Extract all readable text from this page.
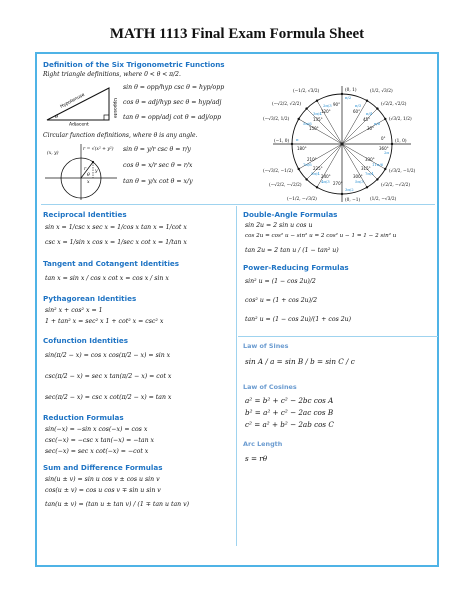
MATH 1113 Final Exam Formula Sheet
Definition of the Six Trigonometric Functions
Right triangle definitions, where 0 < θ < π/2.
θ
Hypotenuse	Opposite
Adjacent
sin θ = opp/hyp csc θ = hyp/opp
cos θ = adj/hyp sec θ = hyp/adj
tan θ = opp/adj cot θ = adj/opp
Circular function definitions, where θ is any angle.
(x, y)
r = √(x² + y²)
r
x
y
θ
sin θ = y/r csc θ = r/y
cos θ = x/r sec θ = r/x
tan θ = y/x cot θ = x/y
(0, 1)
(−1, 0)	(1, 0)
(0, −1)
(−1/2, √3/2)	(1/2, √3/2)
(−√2/2, √2/2)	(√2/2, √2/2)
(−√3/2, 1/2)	(√3/2, 1/2)
(−√3/2, −1/2)	(√3/2, −1/2)
(−√2/2, −√2/2)	(√2/2, −√2/2)
(−1/2, −√3/2)	(1/2, −√3/2)
90°
120°	60°
135°	45°
150°	30°
180°
0°
360°
210°	330°
225°	315°
240°	300°
270°
π/2
2π/3	π/3
3π/4	π/4
5π/6	π/6
π
2π
7π/6	11π/6
5π/4	7π/4
4π/3	5π/3
3π/2
Reciprocal Identities
sin x = 1/csc x sec x = 1/cos x tan x = 1/cot x
csc x = 1/sin x cos x = 1/sec x cot x = 1/tan x
Tangent and Cotangent Identities
tan x = sin x / cos x cot x = cos x / sin x
Pythagorean Identities
sin² x + cos² x = 1
1 + tan² x = sec² x 1 + cot² x = csc² x
Cofunction Identities
sin(π/2 − x) = cos x cos(π/2 − x) = sin x
csc(π/2 − x) = sec x tan(π/2 − x) = cot x
sec(π/2 − x) = csc x cot(π/2 − x) = tan x
Reduction Formulas
sin(−x) = −sin x cos(−x) = cos x
csc(−x) = −csc x tan(−x) = −tan x
sec(−x) = sec x cot(−x) = −cot x
Sum and Difference Formulas
sin(u ± v) = sin u cos v ± cos u sin v
cos(u ± v) = cos u cos v ∓ sin u sin v
tan(u ± v) = (tan u ± tan v) / (1 ∓ tan u tan v)
Double-Angle Formulas
sin 2u = 2 sin u cos u
cos 2u = cos² u − sin² u = 2 cos² u − 1 = 1 − 2 sin² u
tan 2u = 2 tan u / (1 − tan² u)
Power-Reducing Formulas
sin² u = (1 − cos 2u)/2
cos² u = (1 + cos 2u)/2
tan² u = (1 − cos 2u)/(1 + cos 2u)
Law of Sines
sin A / a = sin B / b = sin C / c
Law of Cosines
a² = b² + c² − 2bc cos A
b² = a² + c² − 2ac cos B
c² = a² + b² − 2ab cos C
Arc Length
s = rθ
